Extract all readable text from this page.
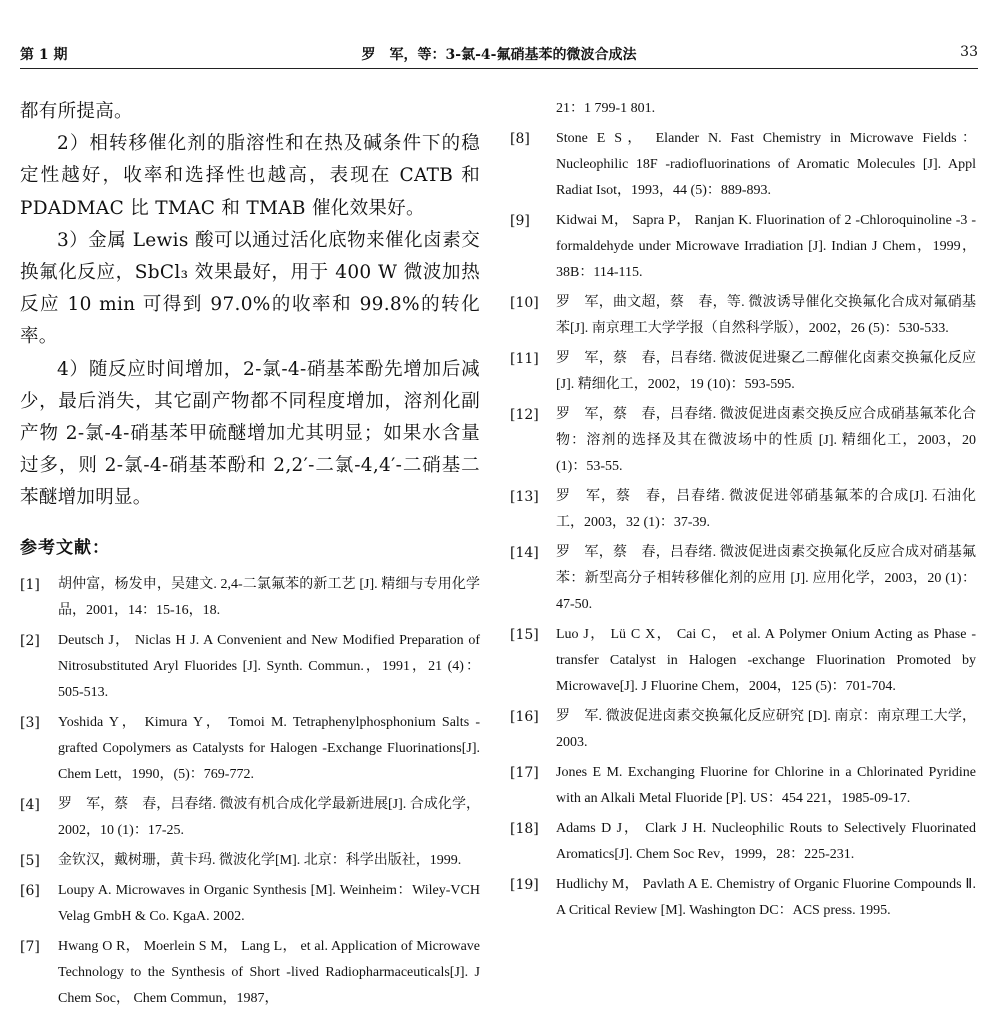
第 1 期	罗　军，等：3-氯-4-氟硝基苯的微波合成法	33

都有所提高。

2）相转移催化剂的脂溶性和在热及碱条件下的稳定性越好，收率和选择性也越高，表现在 CATB 和 PDADMAC 比 TMAC 和 TMAB 催化效果好。

3）金属 Lewis 酸可以通过活化底物来催化卤素交换氟化反应，SbCl₃ 效果最好，用于 400 W 微波加热反应 10 min 可得到 97.0%的收率和 99.8%的转化率。

4）随反应时间增加，2-氯-4-硝基苯酚先增加后减少，最后消失，其它副产物都不同程度增加，溶剂化副产物 2-氯-4-硝基苯甲硫醚增加尤其明显；如果水含量过多，则 2-氯-4-硝基苯酚和 2,2′-二氯-4,4′-二硝基二苯醚增加明显。

参考文献：
[1] 胡仲富，杨发申，吴建文. 2,4-二氯氟苯的新工艺 [J]. 精细与专用化学品，2001，14：15-16，18.
[2] Deutsch J， Niclas H J. A Convenient and New Modified Preparation of Nitrosubstituted Aryl Fluorides [J]. Synth. Commun.，1991，21 (4)：505-513.
[3] Yoshida Y， Kimura Y， Tomoi M. Tetraphenylphosphonium Salts -grafted Copolymers as Catalysts for Halogen -Exchange Fluorinations[J]. Chem Lett，1990，(5)：769-772.
[4] 罗　军，蔡　春，吕春绪. 微波有机合成化学最新进展[J]. 合成化学，2002，10 (1)：17-25.
[5] 金钦汉，戴树珊，黄卡玛. 微波化学[M]. 北京：科学出版社，1999.
[6] Loupy A. Microwaves in Organic Synthesis [M]. Weinheim：Wiley-VCH Velag GmbH & Co. KgaA. 2002.
[7] Hwang O R， Moerlein S M， Lang L， et al. Application of Microwave Technology to the Synthesis of Short -lived Radiopharmaceuticals[J]. J Chem Soc， Chem Commun，1987，
21：1 799-1 801.
[8] Stone E S， Elander N. Fast Chemistry in Microwave Fields：Nucleophilic 18F -radiofluorinations of Aromatic Molecules [J]. Appl Radiat Isot，1993，44 (5)：889-893.
[9] Kidwai M， Sapra P， Ranjan K. Fluorination of 2 -Chloroquinoline -3 -formaldehyde under Microwave Irradiation [J]. Indian J Chem，1999，38B：114-115.
[10] 罗　军，曲文超，蔡　春，等. 微波诱导催化交换氟化合成对氟硝基苯[J]. 南京理工大学学报（自然科学版），2002，26 (5)：530-533.
[11] 罗　军，蔡　春，吕春绪. 微波促进聚乙二醇催化卤素交换氟化反应[J]. 精细化工，2002，19 (10)：593-595.
[12] 罗　军，蔡　春，吕春绪. 微波促进卤素交换反应合成硝基氟苯化合物：溶剂的选择及其在微波场中的性质 [J]. 精细化工，2003，20 (1)：53-55.
[13] 罗　军，蔡　春，吕春绪. 微波促进邻硝基氟苯的合成[J]. 石油化工，2003，32 (1)：37-39.
[14] 罗　军，蔡　春，吕春绪. 微波促进卤素交换氟化反应合成对硝基氟苯：新型高分子相转移催化剂的应用 [J]. 应用化学，2003，20 (1)：47-50.
[15] Luo J， Lü C X， Cai C， et al. A Polymer Onium Acting as Phase -transfer Catalyst in Halogen -exchange Fluorination Promoted by Microwave[J]. J Fluorine Chem，2004，125 (5)：701-704.
[16] 罗　军. 微波促进卤素交换氟化反应研究 [D]. 南京：南京理工大学，2003.
[17] Jones E M. Exchanging Fluorine for Chlorine in a Chlorinated Pyridine with an Alkali Metal Fluoride [P]. US：454 221，1985-09-17.
[18] Adams D J， Clark J H. Nucleophilic Routs to Selectively Fluorinated Aromatics[J]. Chem Soc Rev，1999，28：225-231.
[19] Hudlichy M， Pavlath A E. Chemistry of Organic Fluorine Compounds Ⅱ. A Critical Review [M]. Washington DC：ACS press. 1995.
